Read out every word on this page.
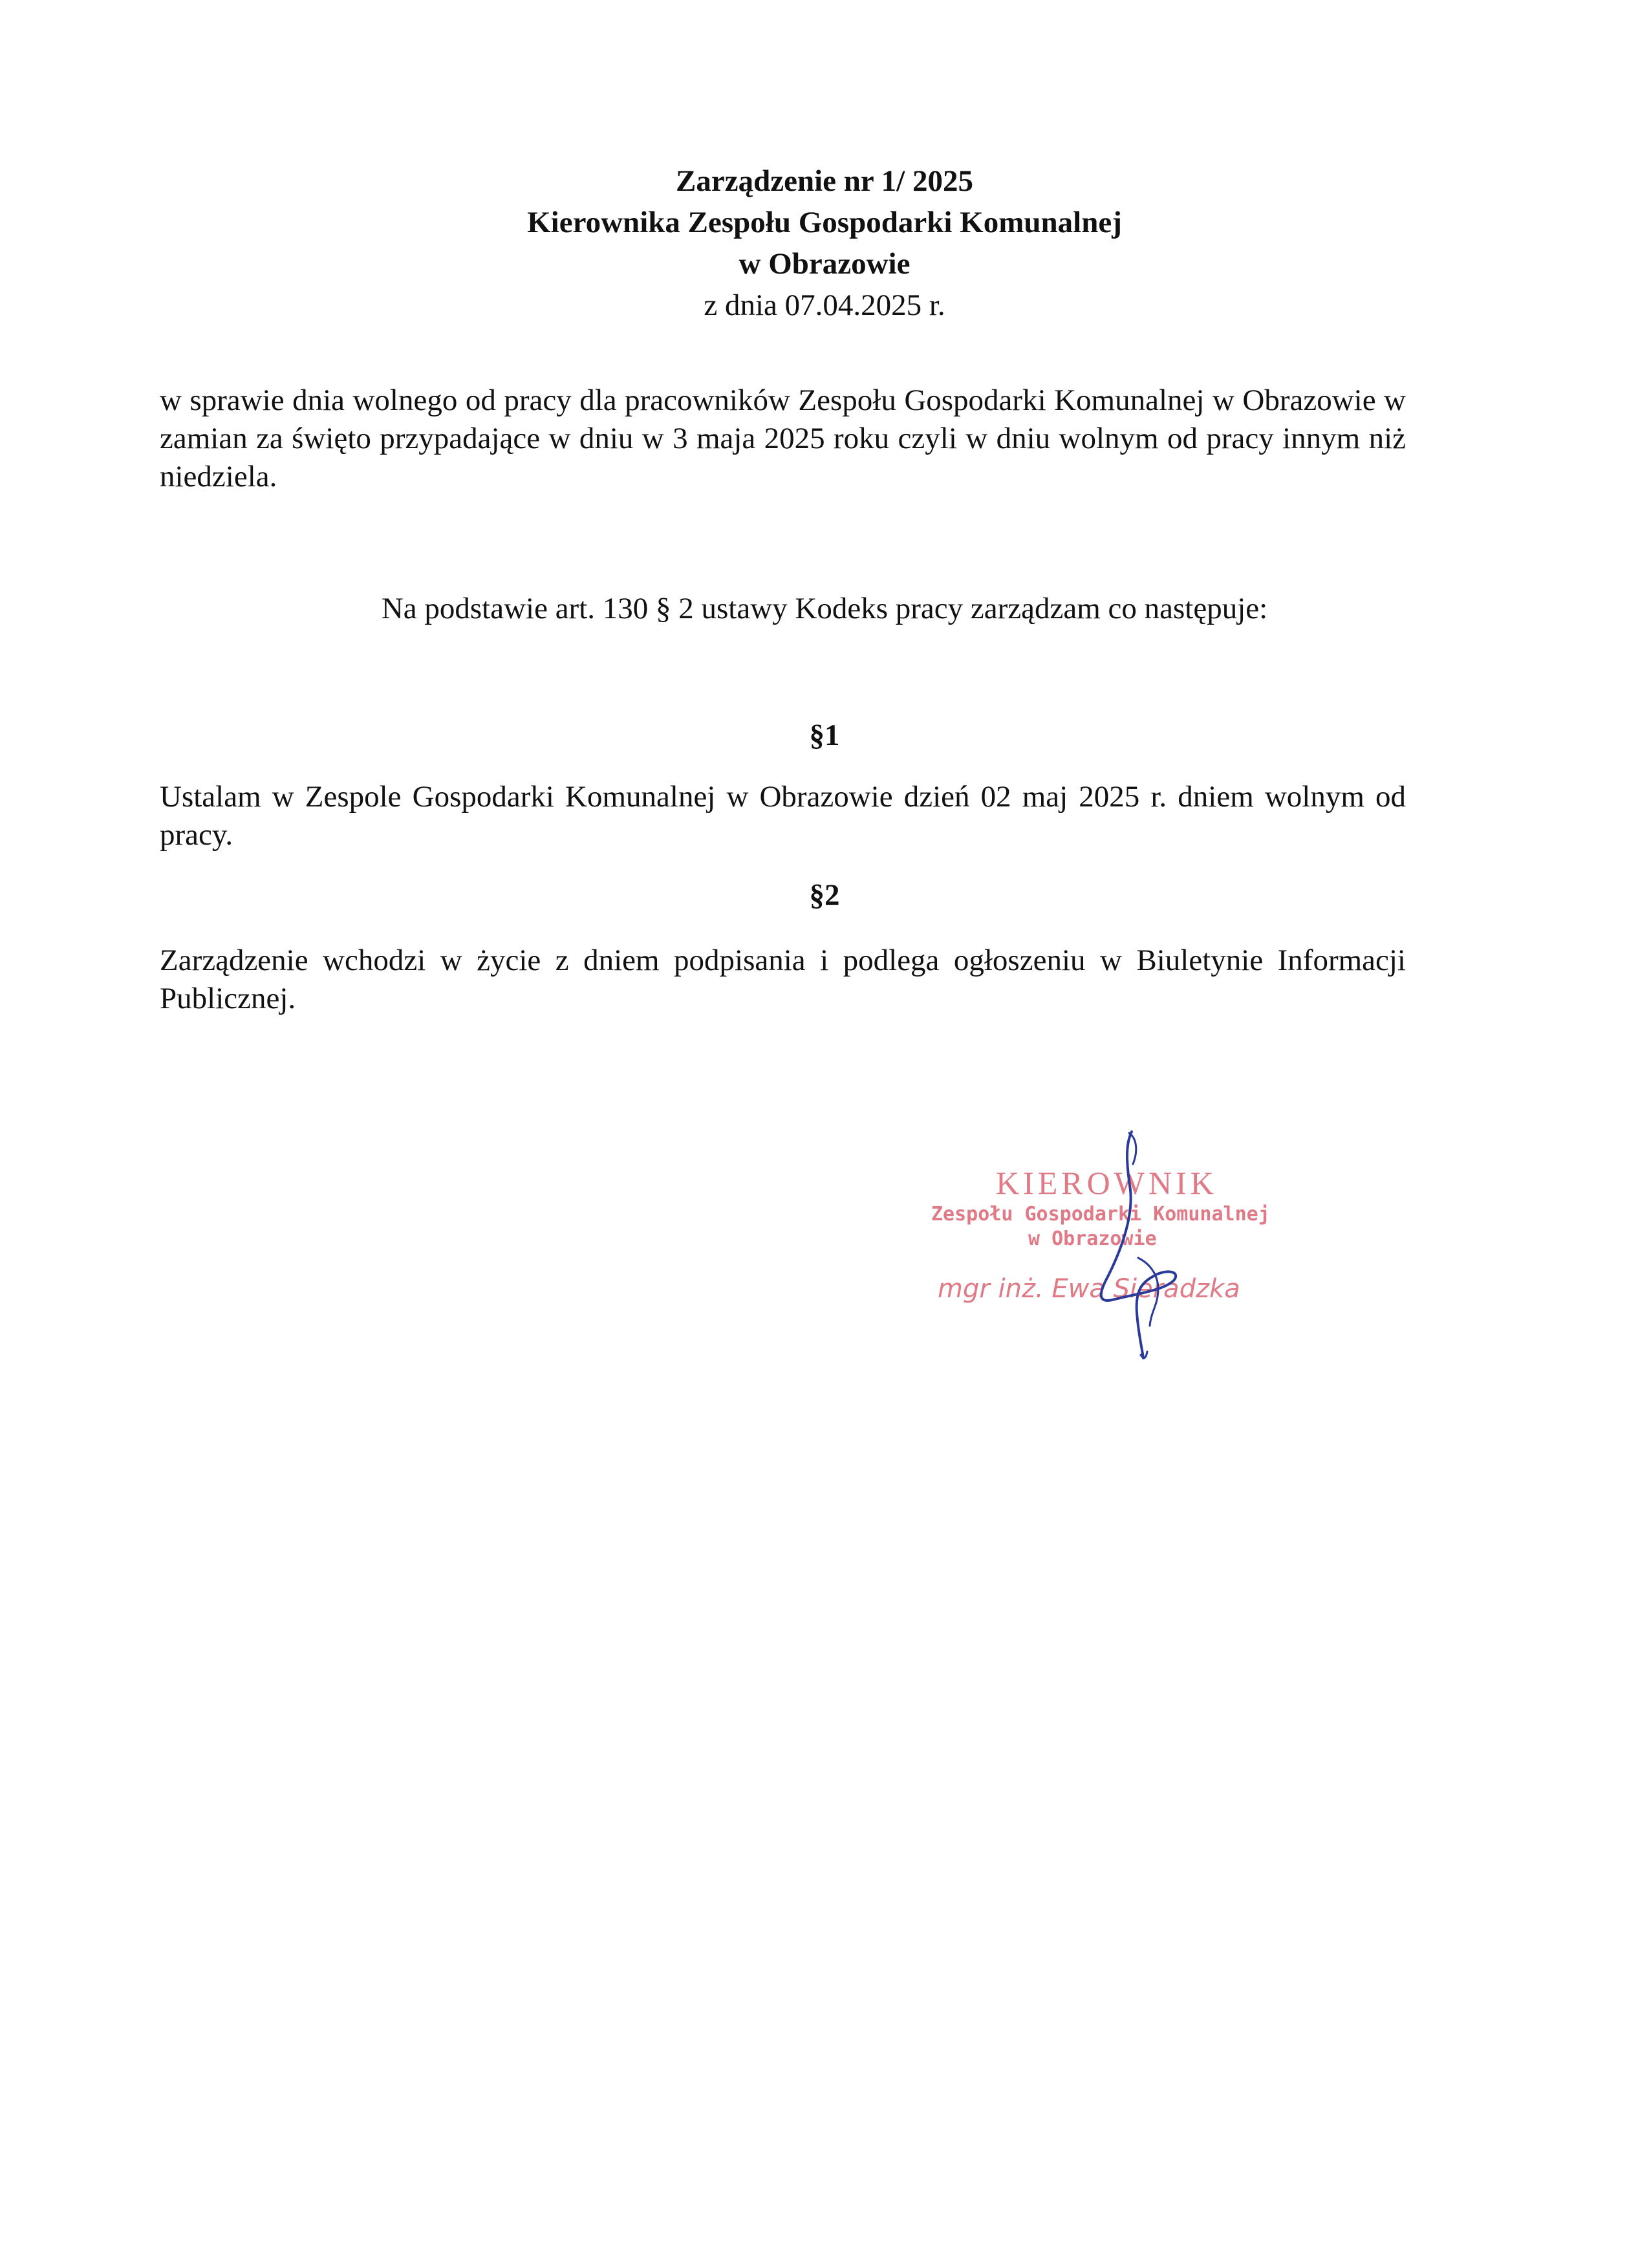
Zarządzenie nr 1/ 2025
Kierownika Zespołu Gospodarki Komunalnej
w Obrazowie
z dnia 07.04.2025 r.
w sprawie dnia wolnego od pracy dla pracowników Zespołu Gospodarki Komunalnej w Obrazowie w zamian za święto przypadające w dniu w 3 maja 2025 roku czyli w dniu wolnym od pracy innym niż niedziela.
Na podstawie art. 130 § 2 ustawy Kodeks pracy zarządzam co następuje:
§1
Ustalam w Zespole Gospodarki Komunalnej w Obrazowie dzień 02 maj 2025 r. dniem wolnym od pracy.
§2
Zarządzenie wchodzi w życie z dniem podpisania i podlega ogłoszeniu w Biuletynie Informacji Publicznej.
KIEROWNIK
Zespołu Gospodarki Komunalnej
w Obrazowie
mgr inż. Ewa Sieradzka
